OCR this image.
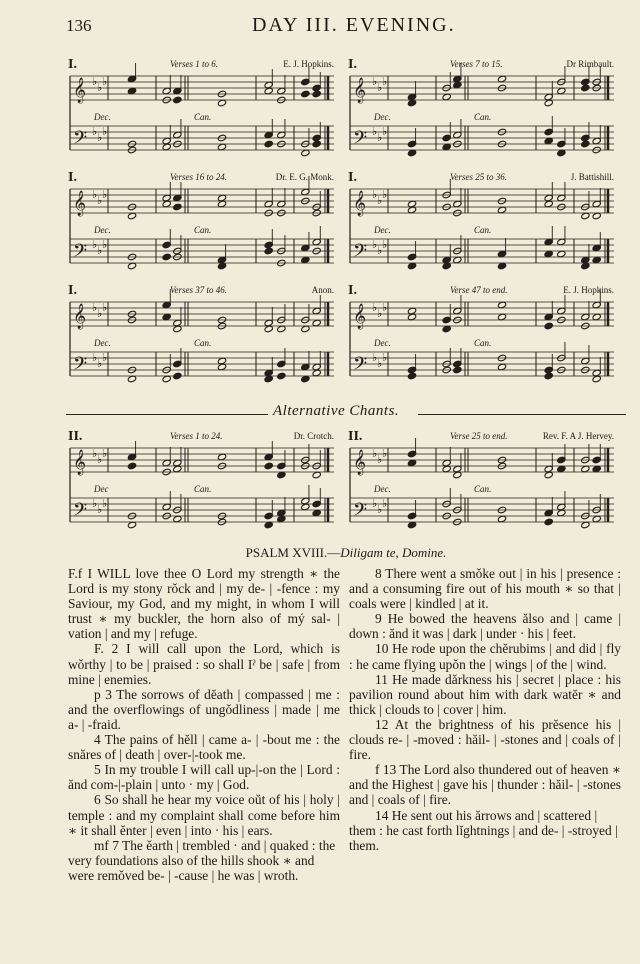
136	DAY III. EVENING.
I.	Verses 1 to 6.	E. J. Hopkins.
Dec.	Can.
𝄞 ♭ ♭ ♭
𝄢 ♭ ♭ ♭
I.	Verses 7 to 15.	Dr Rimbault.
Dec.	Can.
𝄞 ♭ ♭ ♭
𝄢 ♭ ♭ ♭
I.	Verses 16 to 24.	Dr. E. G. Monk.
Dec.	Can.
𝄞 ♭ ♭ ♭
𝄢 ♭ ♭ ♭
I.	Verses 25 to 36.	J. Battishill.
Dec.	Can.
𝄞 ♭ ♭ ♭
𝄢 ♭ ♭ ♭
I.	Verses 37 to 46.	Anon.
Dec.	Can.
𝄞 ♭ ♭ ♭
𝄢 ♭ ♭ ♭
I.	Verse 47 to end.	E. J. Hopkins.
Dec.	Can.
𝄞 ♭ ♭ ♭
𝄢 ♭ ♭ ♭
Alternative Chants.
II.	Verses 1 to 24.	Dr. Crotch.
Dec	Can.
𝄞 ♭ ♭ ♭
𝄢 ♭ ♭ ♭
II.	Verse 25 to end.	Rev. F. A J. Hervey.
Dec.	Can.
𝄞 ♭ ♭ ♭
𝄢 ♭ ♭ ♭
PSALM XVIII.—Diligam te, Domine.

F.f I WILL love thee O Lord my strength ∗ the Lord is my stony rǒck and | my de- | -fence : my Saviour, my God, and my might, in whom I will trust ∗ my buckler, the horn also of mý sal- | vation | and my | refuge.

F. 2 I will call upon the Lord, which is wǒrthy | to be | praised : so shall Iˀ be | safe | from mine | enemies.

p 3 The sorrows of dĕath | compassed | me : and the overflowings of ungǒdliness | made | me a- | -fraid.

4 The pains of hĕll | came a- | -bout me : the snăres of | death | over-|-took me.

5 In my trouble I will call up-|-on the | Lord : ănd com-|-plain | unto · my | God.

6 So shall he hear my voice oŭt of his | holy | temple : and my complaint shall come before him ∗ it shall ěnter | even | into · his | ears.

mf 7 The ěarth | trembled · and | quaked : the very foundations also of the hills shook ∗ and were remǒved be- | -cause | he was | wroth.

8 There went a smǒke out | in his | presence : and a consuming fire out of his mouth ∗ so that | coals were | kindled | at it.

9 He bowed the heavens ălso and | came | down : ănd it was | dark | under · his | feet.

10 He rode upon the chĕrubims | and did | fly : he came flying upǒn the | wings | of the | wind.

11 He made dărkness his | secret | place : his pavilion round about him with dark watĕr ∗ and thick | clouds to | cover | him.

12 At the brightness of his prĕsence his | clouds re- | -moved : hăil- | -stones and | coals of | fire.

f 13 The Lord also thundered out of heaven ∗ and the Highest | gave his | thunder : hăil- | -stones and | coals of | fire.

14 He sent out his ărrows and | scattered | them : he cast forth lĭghtnings | and de- | -stroyed | them.
